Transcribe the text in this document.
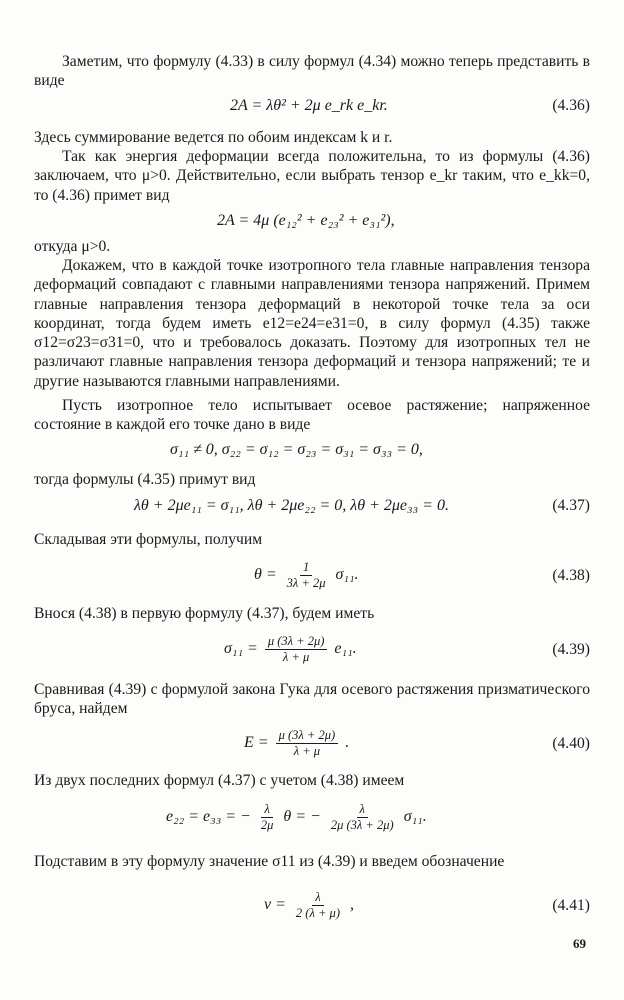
Заметим, что формулу (4.33) в силу формул (4.34) можно теперь представить в виде

2A = λθ² + 2μ e_rk e_kr.	(4.36)

Здесь суммирование ведется по обоим индексам k и r.

Так как энергия деформации всегда положительна, то из формулы (4.36) заключаем, что μ>0. Действительно, если выбрать тензор e_kr таким, что e_kk=0, то (4.36) примет вид

2A = 4μ (e₁₂² + e₂₃² + e₃₁²),

откуда μ>0.

Докажем, что в каждой точке изотропного тела главные направления тензора деформаций совпадают с главными направлениями тензора напряжений. Примем главные направления тензора деформаций в некоторой точке тела за оси координат, тогда будем иметь e12=e24=e31=0, в силу формул (4.35) также σ12=σ23=σ31=0, что и требовалось доказать. Поэтому для изотропных тел не различают главные направления тензора деформаций и тензора напряжений; те и другие называются главными направлениями.

Пусть изотропное тело испытывает осевое растяжение; напряженное состояние в каждой его точке дано в виде

σ₁₁ ≠ 0, σ₂₂ = σ₁₂ = σ₂₃ = σ₃₁ = σ₃₃ = 0,

тогда формулы (4.35) примут вид

λθ + 2μe₁₁ = σ₁₁, λθ + 2μe₂₂ = 0, λθ + 2μe₃₃ = 0.	(4.37)

Складывая эти формулы, получим

$\theta = \frac{1}{3\lambda + 2\mu} \sigma_{11}$.	(4.38)

Внося (4.38) в первую формулу (4.37), будем иметь

$\sigma_{11} = \frac{\mu (3\lambda + 2\mu)}{\lambda + \mu} e_{11}$.	(4.39)

Сравнивая (4.39) с формулой закона Гука для осевого растяжения призматического бруса, найдем

$E = \frac{\mu (3\lambda + 2\mu)}{\lambda + \mu}$ .	(4.40)

Из двух последних формул (4.37) с учетом (4.38) имеем

e₂₂ = e₃₃ = − $\frac{\lambda}{2\mu}$ θ = − $\frac{\lambda}{2\mu (3\lambda + 2\mu)} \sigma_{11}$.

Подставим в эту формулу значение σ11 из (4.39) и введем обозначение

$\nu = \frac{\lambda}{2 (\lambda + \mu)}$ ,	(4.41)
69
